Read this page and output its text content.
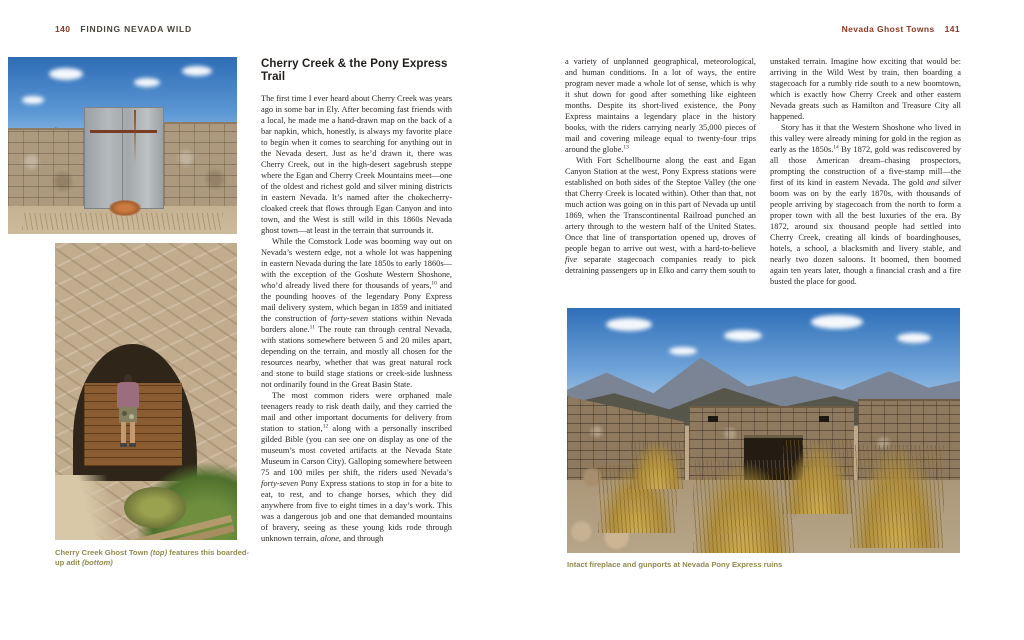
140 FINDING NEVADA WILD	Nevada Ghost Towns 141
Cherry Creek Ghost Town (top) features this boarded-up adit (bottom)
Cherry Creek & the Pony Express Trail

The first time I ever heard about Cherry Creek was years ago in some bar in Ely. After becoming fast friends with a local, he made me a hand-drawn map on the back of a bar napkin, which, honestly, is always my favorite place to begin when it comes to searching for anything out in the Nevada desert. Just as he’d drawn it, there was Cherry Creek, out in the high-desert sagebrush steppe where the Egan and Cherry Creek Mountains meet—one of the oldest and richest gold and silver mining districts in eastern Nevada. It’s named after the chokecherry-cloaked creek that flows through Egan Canyon and into town, and the West is still wild in this 1860s Nevada ghost town—at least in the terrain that surrounds it.

While the Comstock Lode was booming way out on Nevada’s western edge, not a whole lot was happening in eastern Nevada during the late 1850s to early 1860s—with the exception of the Goshute Western Shoshone, who’d already lived there for thousands of years,$^{10}$ and the pounding hooves of the legendary Pony Express mail delivery system, which began in 1859 and initiated the construction of forty-seven stations within Nevada borders alone.$^{11}$ The route ran through central Nevada, with stations somewhere between 5 and 20 miles apart, depending on the terrain, and mostly all chosen for the resources nearby, whether that was great natural rock and stone to build stage stations or creek-side lushness not ordinarily found in the Great Basin State.

The most common riders were orphaned male teenagers ready to risk death daily, and they carried the mail and other important documents for delivery from station to station,$^{12}$ along with a personally inscribed gilded Bible (you can see one on display as one of the museum’s most coveted artifacts at the Nevada State Museum in Carson City). Galloping somewhere between 75 and 100 miles per shift, the riders used Nevada’s forty-seven Pony Express stations to stop in for a bite to eat, to rest, and to change horses, which they did anywhere from five to eight times in a day’s work. This was a dangerous job and one that demanded mountains of bravery, seeing as these young kids rode through unknown terrain, alone, and through

a variety of unplanned geographical, meteorological, and human conditions. In a lot of ways, the entire program never made a whole lot of sense, which is why it shut down for good after something like eighteen months. Despite its short-lived existence, the Pony Express maintains a legendary place in the history books, with the riders carrying nearly 35,000 pieces of mail and covering mileage equal to twenty-four trips around the globe.$^{13}$

With Fort Schellbourne along the east and Egan Canyon Station at the west, Pony Express stations were established on both sides of the Steptoe Valley (the one that Cherry Creek is located within). Other than that, not much action was going on in this part of Nevada up until 1869, when the Transcontinental Railroad punched an artery through to the western half of the United States. Once that line of transportation opened up, droves of people began to arrive out west, with a hard-to-believe five separate stagecoach companies ready to pick detraining passengers up in Elko and carry them south to

unstaked terrain. Imagine how exciting that would be: arriving in the Wild West by train, then boarding a stagecoach for a rumbly ride south to a new boomtown, which is exactly how Cherry Creek and other eastern Nevada greats such as Hamilton and Treasure City all happened.

Story has it that the Western Shoshone who lived in this valley were already mining for gold in the region as early as the 1850s.$^{14}$ By 1872, gold was rediscovered by all those American dream–chasing prospectors, prompting the construction of a five-stamp mill—the first of its kind in eastern Nevada. The gold and silver boom was on by the early 1870s, with thousands of people arriving by stagecoach from the north to form a proper town with all the best luxuries of the era. By 1872, around six thousand people had settled into Cherry Creek, creating all kinds of boardinghouses, hotels, a school, a blacksmith and livery stable, and nearly two dozen saloons. It boomed, then boomed again ten years later, though a financial crash and a fire busted the place for good.

Intact fireplace and gunports at Nevada Pony Express ruins
